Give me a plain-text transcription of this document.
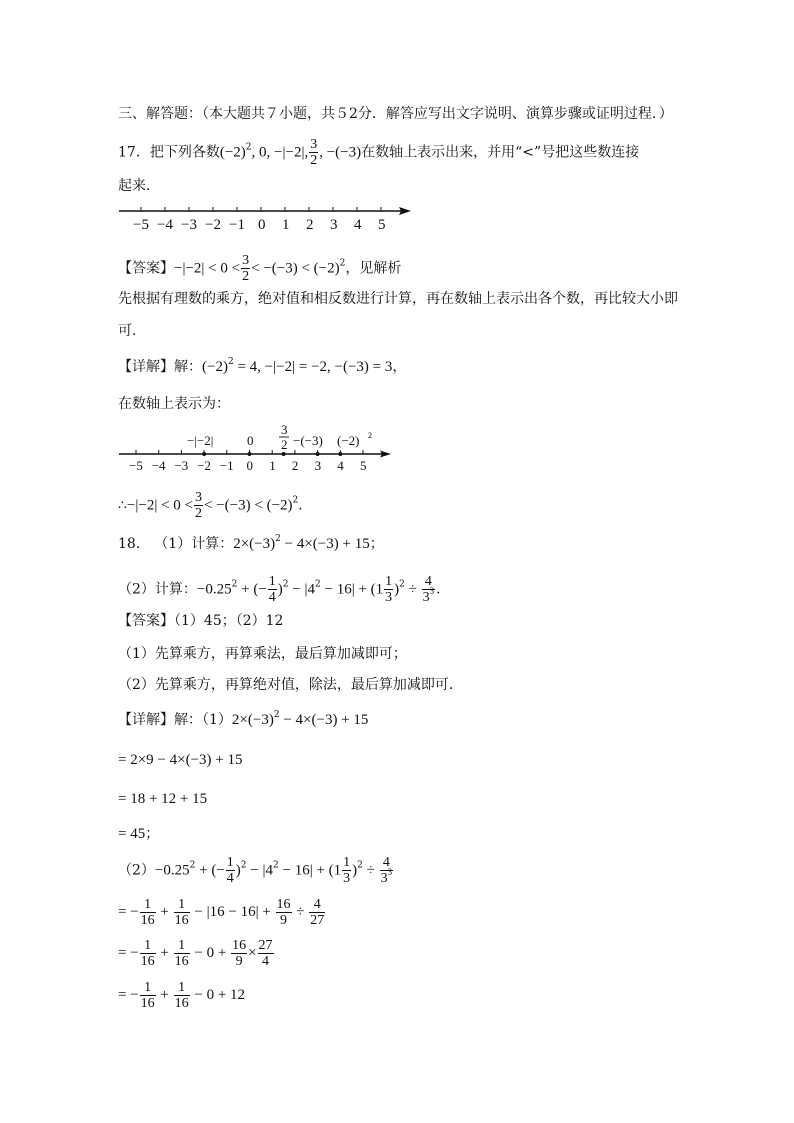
三、解答题：（本大题共７小题，共５2分．解答应写出文字说明、演算步骤或证明过程．）
17．把下列各数$(-2)^2$, 0, −|−2|, $\frac{3}{2}$ , −(−3)在数轴上表示出来，并用“<”号把这些数连接
起来．
−5 −4 −3 −2 −1 0 1 2 3 4 5
【答案】$-|-2| < 0 < \frac{3}{2} < -(-3) < (-2)^2$，见解析
先根据有理数的乘方，绝对值和相反数进行计算，再在数轴上表示出各个数，再比较大小即
可．
【详解】解：$(-2)^2 = 4$, −|−2| = −2, −(−3) = 3，
在数轴上表示为：
−5 −4 −3 −2 −1 0 1 2 3 4 5
−|−2|	0
3
2 −(−3) (−2) 2
∴−|−2| < $0 < \frac{3}{2} < -(-3) < (-2)^2$．
18． （1）计算：$2\times(-3)^2 - 4\times(-3) + 15$；
（2）计算：$-0.25^2$ + (− $\frac{1}{4} )^2 - |4^2 - 16| + (1 \frac{1}{3} )^2 \div \frac{4}{3^3}$ ．
【答案】（1）45；（2）12
（1）先算乘方，再算乘法，最后算加减即可；
（2）先算乘方，再算绝对值，除法，最后算加减即可．
【详解】解：$(1)2\times(-3)^2 - 4\times(-3) + 15$
= 2×9 − 4×(−3) + 15
= 18 + 12 + 15
= 45；
$(2)-0.25^2$ + (− $\frac{1}{4} )^2 - |4^2 - 16| + (1 \frac{1}{3} )^2 \div \frac{4}{3^3}$
= − $\frac{1}{16} + \frac{1}{16} - |16 - 16| + \frac{16}{9} \div \frac{4}{27}$
= − $\frac{1}{16} + \frac{1}{16} - 0 + \frac{16}{9} \times \frac{27}{4}$
= − $\frac{1}{16} + \frac{1}{16} - 0 + 12$
